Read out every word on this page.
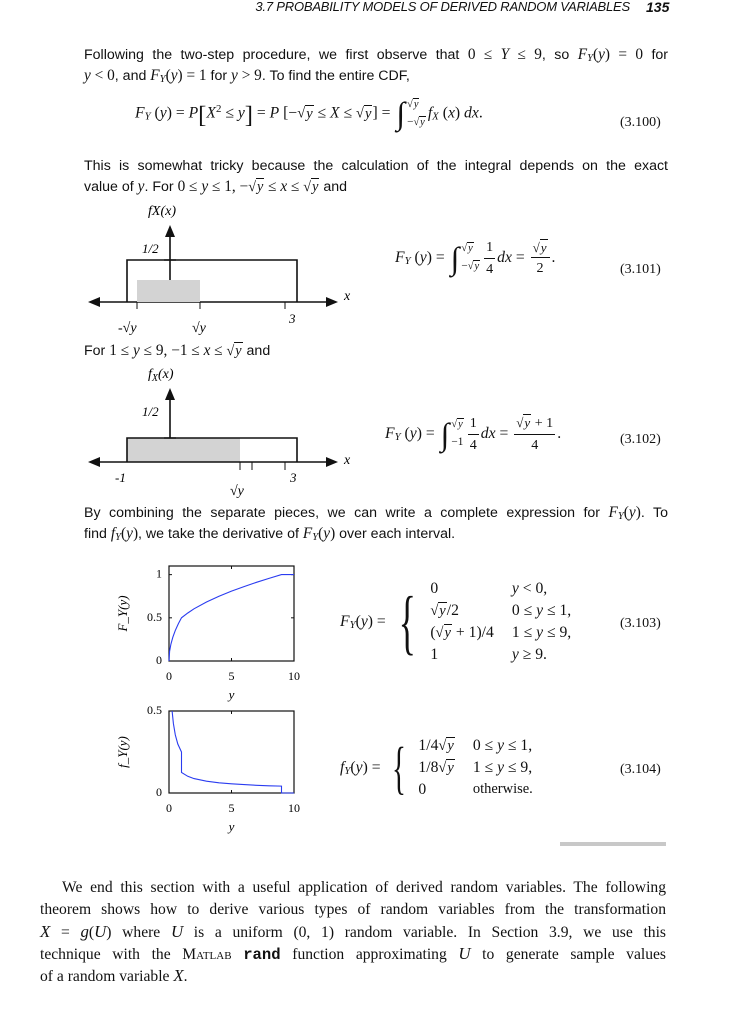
3.7 PROBABILITY MODELS OF DERIVED RANDOM VARIABLES 135
Following the two-step procedure, we first observe that 0 ≤ Y ≤ 9, so FY(y) = 0 for
y < 0, and FY(y) = 1 for y > 9. To find the entire CDF,
FY $(y) = P[X^2 \le y] = P$ [−√y ≤ X ≤ √y] = ∫ √y
−√y
fX (x) dx.
(3.100)
This is somewhat tricky because the calculation of the integral depends on the exact
value of y. For 0 ≤ y ≤ 1, −√y ≤ x ≤ √y and
fX(x)
1/2
x
-√y	√y
3
FY (y) = ∫ √y
$-√y \frac{1}{4}$ dx = $\frac{√y}{2}$ .
(3.101)
For 1 ≤ y ≤ 9, −1 ≤ x ≤ √y and
$f_X(x)$
1/2
x
-1
√y
3
FY (y) = ∫ √y
$-1 \frac{1}{4}$ dx = $\frac{√y + 1}{4}$ .	(3.102)
By combining the separate pieces, we can write a complete expression for FY(y). To
find fY(y), we take the derivative of FY(y) over each interval.
0	5	10
0
0.5
1
y
F_Y(y)
0	5	10
0
0.5
y
f_Y(y)
FY(y) = { 0	y < 0,
√y/2	0 ≤ y ≤ 1,
(√y + 1)/4 1 ≤ y ≤ 9,
1	y ≥ 9.
(3.103)
fY(y) = { 1/4√y 0 ≤ y ≤ 1,
1/8√y 1 ≤ y ≤ 9,
0	otherwise.
(3.104)
We end this section with a useful application of derived random variables. The following
theorem shows how to derive various types of random variables from the transformation
X = g(U) where U is a uniform (0, 1) random variable. In Section 3.9, we use this
technique with the Matlab rand function approximating U to generate sample values
of a random variable X.
